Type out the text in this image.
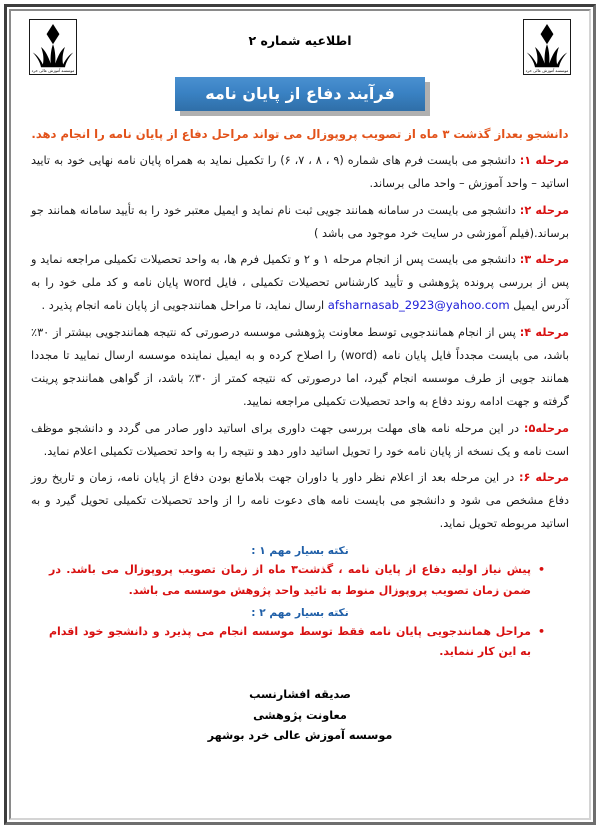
موسسه آموزش عالی خرد
موسسه آموزش عالی خرد
اطلاعیه شماره ۲
فرآیند دفاع از پایان نامه
دانشجو بعداز گذشت ۳ ماه از تصویب پروپوزال می تواند مراحل دفاع از پایان نامه را انجام دهد.

مرحله ۱: دانشجو می بایست فرم های شماره (۹ ، ۸ ، ۷، ۶) را تکمیل نماید به همراه پایان نامه نهایی خود به تایید اساتید – واحد آموزش – واحد مالی برساند.

مرحله ۲: دانشجو می بایست در سامانه همانند جویی ثبت نام نماید و ایمیل معتبر خود را به تأیید سامانه همانند جو برساند.(فیلم آموزشی در سایت خرد موجود می باشد )

مرحله ۳: دانشجو می بایست پس از انجام مرحله ۱ و ۲ و تکمیل فرم ها، به واحد تحصیلات تکمیلی مراجعه نماید و پس از بررسی پرونده پژوهشی و تأیید کارشناس تحصیلات تکمیلی ، فایل word پایان نامه و کد ملی خود را به آدرس ایمیل afsharnasab_2923@yahoo.com ارسال نماید، تا مراحل همانندجویی از پایان نامه انجام پذیرد .

مرحله ۴: پس از انجام همانندجویی توسط معاونت پژوهشی موسسه درصورتی که نتیجه همانندجویی بیشتر از ۳۰٪ باشد، می بایست مجدداً فایل پایان نامه (word) را اصلاح کرده و به ایمیل نماینده موسسه ارسال نمایید تا مجددا همانند جویی از طرف موسسه انجام گیرد، اما درصورتی که نتیجه کمتر از ۳۰٪ باشد، از گواهی همانندجو پرینت گرفته و جهت ادامه روند دفاع به واحد تحصیلات تکمیلی مراجعه نمایید.

مرحله۵: در این مرحله نامه های مهلت بررسی جهت داوری برای اساتید داور صادر می گردد و دانشجو موظف است نامه و یک نسخه از پایان نامه خود را تحویل اساتید داور دهد و نتیجه را به واحد تحصیلات تکمیلی اعلام نماید.

مرحله ۶: در این مرحله بعد از اعلام نظر داور یا داوران جهت بلامانع بودن دفاع از پایان نامه، زمان و تاریخ روز دفاع مشخص می شود و دانشجو می بایست نامه های دعوت نامه را از واحد تحصیلات تکمیلی تحویل گیرد و به اساتید مربوطه تحویل نماید.

نکته بسیار مهم ۱ :
•
پیش نیاز اولیه دفاع از پایان نامه ، گذشت۳ ماه از زمان تصویب پروپوزال می باشد. در ضمن زمان تصویب پروپوزال منوط به تائید واحد پژوهش موسسه می باشد.
نکته بسیار مهم ۲ :
•
مراحل همانندجویی پایان نامه فقط توسط موسسه انجام می پذیرد و دانشجو خود اقدام به این کار ننماید.
صدیقه افشارنسب
معاونت پژوهشی
موسسه آموزش عالی خرد بوشهر
